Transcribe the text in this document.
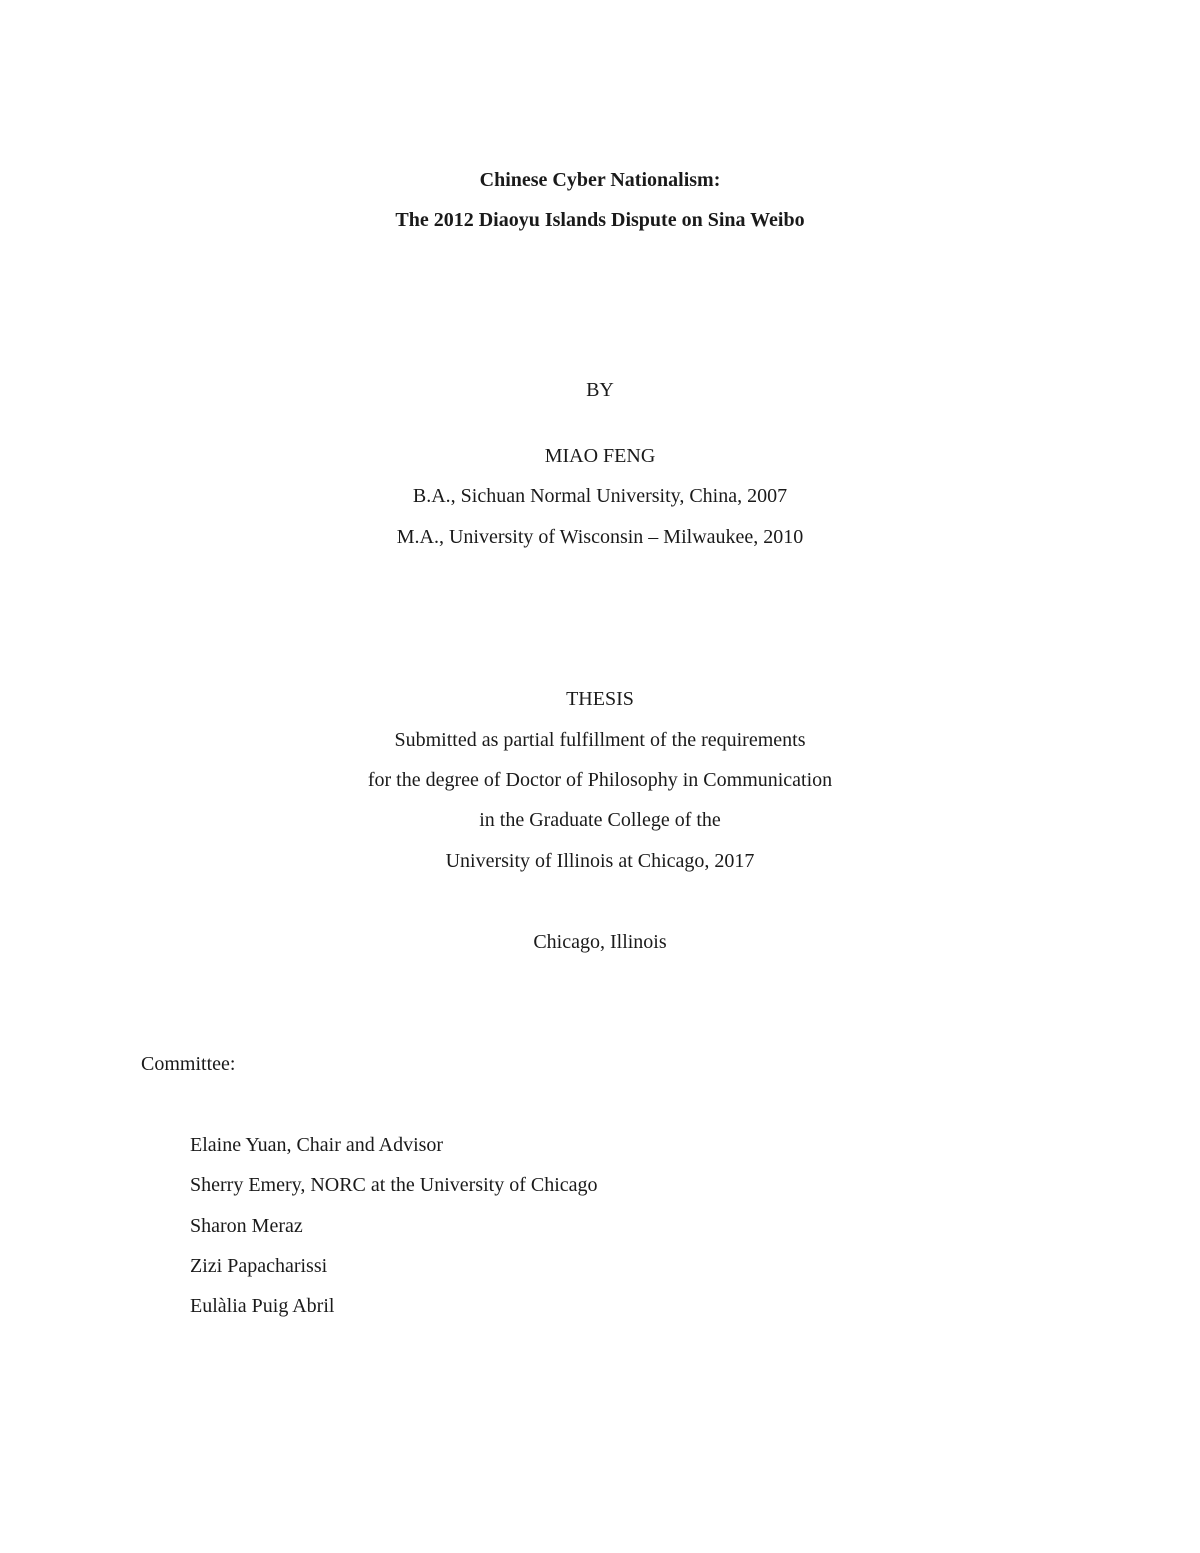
Chinese Cyber Nationalism:
The 2012 Diaoyu Islands Dispute on Sina Weibo
BY
MIAO FENG
B.A., Sichuan Normal University, China, 2007
M.A., University of Wisconsin – Milwaukee, 2010
THESIS
Submitted as partial fulfillment of the requirements
for the degree of Doctor of Philosophy in Communication
in the Graduate College of the
University of Illinois at Chicago, 2017
Chicago, Illinois
Committee:
Elaine Yuan, Chair and Advisor
Sherry Emery, NORC at the University of Chicago
Sharon Meraz
Zizi Papacharissi
Eulàlia Puig Abril
